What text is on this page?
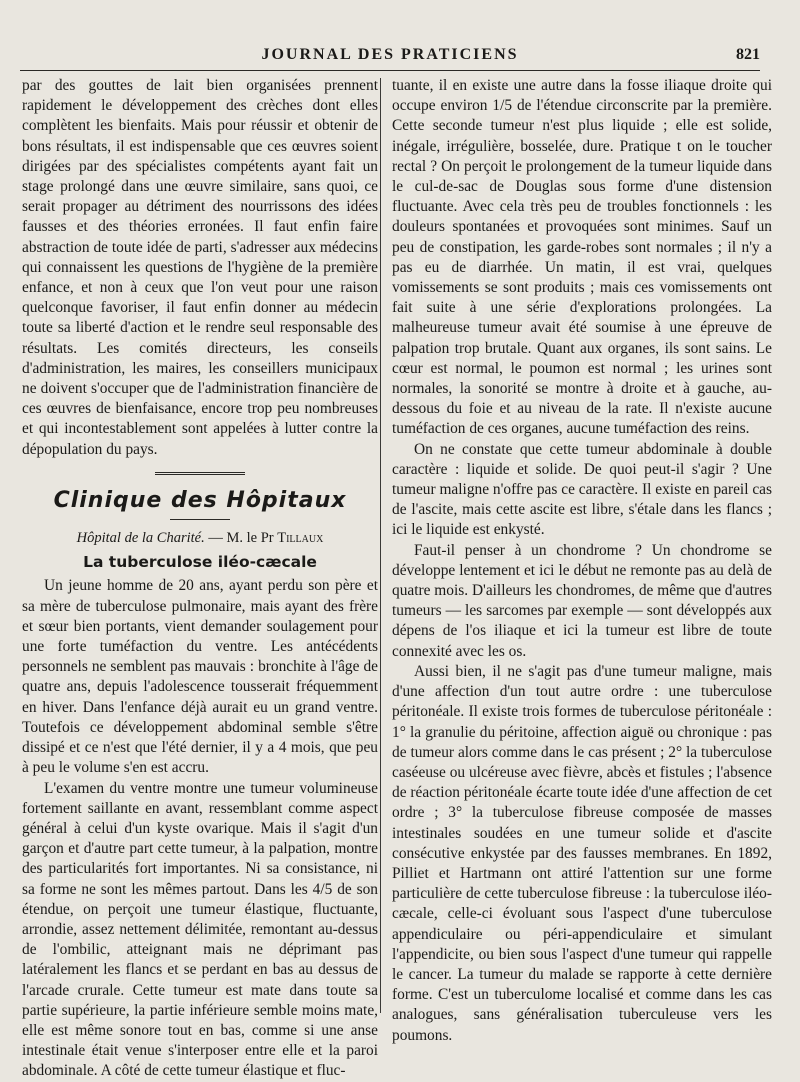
JOURNAL DES PRATICIENS	821

par des gouttes de lait bien organisées prennent rapidement le développement des crèches dont elles complètent les bienfaits. Mais pour réussir et obtenir de bons résultats, il est indispensable que ces œuvres soient dirigées par des spécialistes compétents ayant fait un stage prolongé dans une œuvre similaire, sans quoi, ce serait propager au détriment des nourrissons des idées fausses et des théories erronées. Il faut enfin faire abstraction de toute idée de parti, s'adresser aux médecins qui connaissent les questions de l'hygiène de la première enfance, et non à ceux que l'on veut pour une raison quelconque favoriser, il faut enfin donner au médecin toute sa liberté d'action et le rendre seul responsable des résultats. Les comités directeurs, les conseils d'administration, les maires, les conseillers municipaux ne doivent s'occuper que de l'administration financière de ces œuvres de bienfaisance, encore trop peu nombreuses et qui incontestablement sont appelées à lutter contre la dépopulation du pays.

Clinique des Hôpitaux
Hôpital de la Charité. — M. le Pr Tillaux
La tuberculose iléo-cæcale

Un jeune homme de 20 ans, ayant perdu son père et sa mère de tuberculose pulmonaire, mais ayant des frère et sœur bien portants, vient demander soulagement pour une forte tuméfaction du ventre. Les antécédents personnels ne semblent pas mauvais : bronchite à l'âge de quatre ans, depuis l'adolescence tousserait fréquemment en hiver. Dans l'enfance déjà aurait eu un grand ventre. Toutefois ce développement abdominal semble s'être dissipé et ce n'est que l'été dernier, il y a 4 mois, que peu à peu le volume s'en est accru.

L'examen du ventre montre une tumeur volumineuse fortement saillante en avant, ressemblant comme aspect général à celui d'un kyste ovarique. Mais il s'agit d'un garçon et d'autre part cette tumeur, à la palpation, montre des particularités fort importantes. Ni sa consistance, ni sa forme ne sont les mêmes partout. Dans les 4/5 de son étendue, on perçoit une tumeur élastique, fluctuante, arrondie, assez nettement délimitée, remontant au-dessus de l'ombilic, atteignant mais ne déprimant pas latéralement les flancs et se perdant en bas au dessus de l'arcade crurale. Cette tumeur est mate dans toute sa partie supérieure, la partie inférieure semble moins mate, elle est même sonore tout en bas, comme si une anse intestinale était venue s'interposer entre elle et la paroi abdominale. A côté de cette tumeur élastique et fluc-

tuante, il en existe une autre dans la fosse iliaque droite qui occupe environ 1/5 de l'étendue circonscrite par la première. Cette seconde tumeur n'est plus liquide ; elle est solide, inégale, irrégulière, bosselée, dure. Pratique t on le toucher rectal ? On perçoit le prolongement de la tumeur liquide dans le cul-de-sac de Douglas sous forme d'une distension fluctuante. Avec cela très peu de troubles fonctionnels : les douleurs spontanées et provoquées sont minimes. Sauf un peu de constipation, les garde-robes sont normales ; il n'y a pas eu de diarrhée. Un matin, il est vrai, quelques vomissements se sont produits ; mais ces vomissements ont fait suite à une série d'explorations prolongées. La malheureuse tumeur avait été soumise à une épreuve de palpation trop brutale. Quant aux organes, ils sont sains. Le cœur est normal, le poumon est normal ; les urines sont normales, la sonorité se montre à droite et à gauche, au-dessous du foie et au niveau de la rate. Il n'existe aucune tuméfaction de ces organes, aucune tuméfaction des reins.

On ne constate que cette tumeur abdominale à double caractère : liquide et solide. De quoi peut-il s'agir ? Une tumeur maligne n'offre pas ce caractère. Il existe en pareil cas de l'ascite, mais cette ascite est libre, s'étale dans les flancs ; ici le liquide est enkysté.

Faut-il penser à un chondrome ? Un chondrome se développe lentement et ici le début ne remonte pas au delà de quatre mois. D'ailleurs les chondromes, de même que d'autres tumeurs — les sarcomes par exemple — sont développés aux dépens de l'os iliaque et ici la tumeur est libre de toute connexité avec les os.

Aussi bien, il ne s'agit pas d'une tumeur maligne, mais d'une affection d'un tout autre ordre : une tuberculose péritonéale. Il existe trois formes de tuberculose péritonéale : 1° la granulie du péritoine, affection aiguë ou chronique : pas de tumeur alors comme dans le cas présent ; 2° la tuberculose caséeuse ou ulcéreuse avec fièvre, abcès et fistules ; l'absence de réaction péritonéale écarte toute idée d'une affection de cet ordre ; 3° la tuberculose fibreuse composée de masses intestinales soudées en une tumeur solide et d'ascite consécutive enkystée par des fausses membranes. En 1892, Pilliet et Hartmann ont attiré l'attention sur une forme particulière de cette tuberculose fibreuse : la tuberculose iléo-cæcale, celle-ci évoluant sous l'aspect d'une tuberculose appendiculaire ou péri-appendiculaire et simulant l'appendicite, ou bien sous l'aspect d'une tumeur qui rappelle le cancer. La tumeur du malade se rapporte à cette dernière forme. C'est un tuberculome localisé et comme dans les cas analogues, sans généralisation tuberculeuse vers les poumons.
